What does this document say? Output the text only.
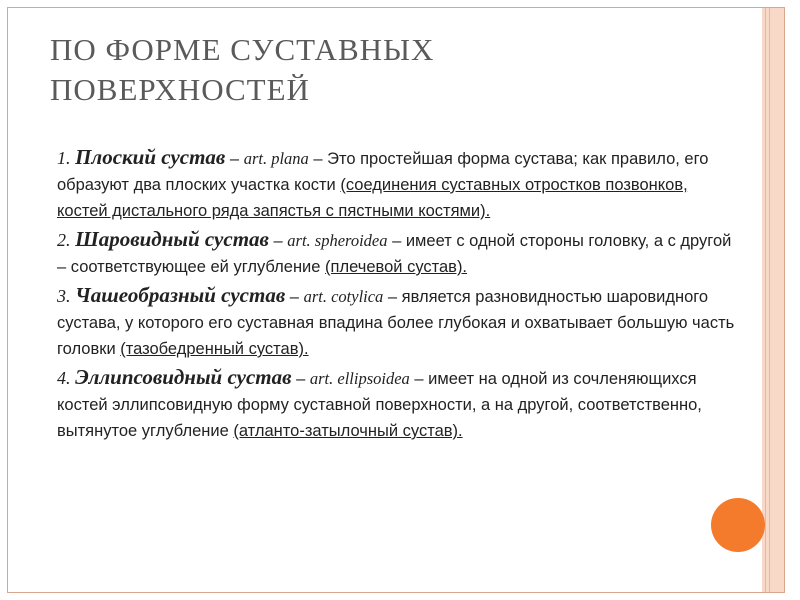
ПО ФОРМЕ СУСТАВНЫХ
ПОВЕРХНОСТЕЙ

1. Плоский сустав – art. plana – Это простейшая форма сустава; как правило, его образуют два плоских участка кости (соединения суставных отростков позвонков, костей дистального ряда запястья с пястными костями).

2. Шаровидный сустав – art. spheroidea – имеет с одной стороны головку, а с другой – соответствующее ей углубление (плечевой сустав).

3. Чашеобразный сустав – art. cotylica – является разновидностью шаровидного сустава, у которого его суставная впадина более глубокая и охватывает большую часть головки (тазобедренный сустав).

4. Эллипсовидный сустав – art. ellipsoidea – имеет на одной из сочленяющихся костей эллипсовидную форму суставной поверхности, а на другой, соответственно, вытянутое углубление (атланто-затылочный сустав).
